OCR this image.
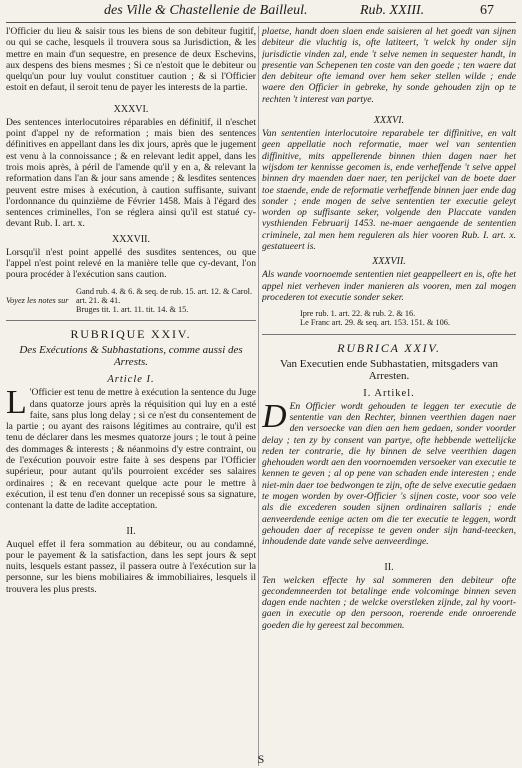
des Ville & Chastellenie de Bailleul.	Rub. XXIII.	67

l'Officier du lieu & saisir tous les biens de son debiteur fugitif, ou qui se cache, lesquels il trouvera sous sa Jurisdiction, & les mettre en main d'un sequestre, en presence de deux Eschevins, aux despens des biens mesmes ; Si ce n'estoit que le debiteur ou quelqu'un pour luy voulut constituer caution ; & si l'Officier estoit en defaut, il seroit tenu de payer les interests de la partie.

XXXVI.

Des sentences interlocutoires réparables en définitif, il n'eschet point d'appel ny de reformation ; mais bien des sentences définitives en appellant dans les dix jours, après que le jugement est venu à la connoissance ; & en relevant ledit appel, dans les trois mois après, à péril de l'amende qu'il y en a, & relevant la reformation dans l'an & jour sans amende ; & lesdites sentences peuvent estre mises à exécution, à caution suffisante, suivant l'ordonnance du quinzième de Février 1458. Mais à l'égard des sentences criminelles, l'on se réglera ainsi qu'il est statué cy-devant Rub. I. art. x.

XXXVII.

Lorsqu'il n'est point appellé des susdites sentences, ou que l'appel n'est point relevé en la manière telle que cy-devant, l'on poura procéder à l'exécution sans caution.

Voyez les notes sur
Gand rub. 4. & 6. & seq. de rub. 15. art. 12. & Carol. art. 21. & 41.
Bruges tit. 1. art. 11. tit. 14. & 15.
RUBRIQUE XXIV.
Des Exécutions & Subhastations, comme aussi des Arrests.
Article I.

L 'Officier est tenu de mettre à exécution la sentence du Juge dans quatorze jours après la réquisition qui luy en a esté faite, sans plus long delay ; si ce n'est du consentement de la partie ; ou ayant des raisons légitimes au contraire, qu'il est tenu de déclarer dans les mesmes quatorze jours ; le tout à peine des dommages & interests ; & néanmoins d'y estre contraint, ou de l'exécution pouvoir estre faite à ses despens par l'Officier supérieur, pour autant qu'ils pourroient excéder ses salaires ordinaires ; & en recevant quelque acte pour le mettre à exécution, il est tenu d'en donner un recepissé sous sa signature, contenant la datte de ladite acceptation.

II.

Auquel effet il fera sommation au débiteur, ou au condamné, pour le payement & la satisfaction, dans les sept jours & sept nuits, lesquels estant passez, il passera outre à l'exécution sur la personne, sur les biens mobiliaires & immobiliaires, lesquels il trouvera les plus prests.

plaetse, handt doen slaen ende saisieren al het goedt van sijnen debiteur die vluchtig is, ofte latiteert, 't welck hy onder sijn jurisdictie vinden zal, ende 't selve nemen in sequester handt, in presentie van Schepenen ten coste van den goede ; ten waere dat den debiteur ofte iemand over hem seker stellen wilde ; ende waere den Officier in gebreke, hy sonde gehouden zijn op te rechten 't interest van partye.

XXXVI.

Van sententien interlocutoire reparabele ter diffinitive, en valt geen appellatie noch reformatie, maer wel van sententien diffinitive, mits appellerende binnen thien dagen naer het wijsdom ter kennisse gecomen is, ende verheffende 't selve appel binnen dry maenden daer naer, ten perijckel van de boete daer toe staende, ende de reformatie verheffende binnen jaer ende dag sonder ; ende mogen de selve sententien ter executie geleyt worden op suffisante seker, volgende den Placcate vanden vysthienden Februarij 1453. ne-maer aengaende de sententien criminele, zal men hem reguleren als hier vooren Rub. I. art. x. gestatueert is.

XXXVII.

Als wande voornoemde sententien niet geappelleert en is, ofte het appel niet verheven inder manieren als vooren, men zal mogen procederen tot executie sonder seker.

Ipre rub. 1. art. 22. & rub. 2. & 16.
Le Franc art. 29. & seq. art. 153. 151. & 106.
RUBRICA XXIV.
Van Executien ende Subhastatien, mitsgaders van Arresten.
I. Artikel.

D En Officier wordt gehouden te leggen ter executie de sententie van den Rechter, binnen veerthien dagen naer den versoecke van dien aen hem gedaen, sonder voorder delay ; ten zy by consent van partye, ofte hebbende wettelijcke reden ter contrarie, die hy binnen de selve veerthien dagen ghehouden wordt aen den voornoemden versoeker van executie te kennen te geven ; al op pene van schaden ende interesten ; ende niet-min daer toe bedwongen te zijn, ofte de selve executie gedaen te mogen worden by over-Officier 's sijnen coste, voor soo vele als die excederen souden sijnen ordinairen sallaris ; ende aenveerdende eenige acten om die ter executie te leggen, wordt gehouden daer af recepisse te geven onder sijn hand-teecken, inhoudende date vande selve aenveerdinge.

II.

Ten welcken effecte hy sal sommeren den debiteur ofte gecondemneerden tot betalinge ende volcominge binnen seven dagen ende nachten ; de welcke overstleken zijnde, zal hy voort-gaen in executie op den persoon, roerende ende onroerende goeden die hy gereest zal becommen.

S
